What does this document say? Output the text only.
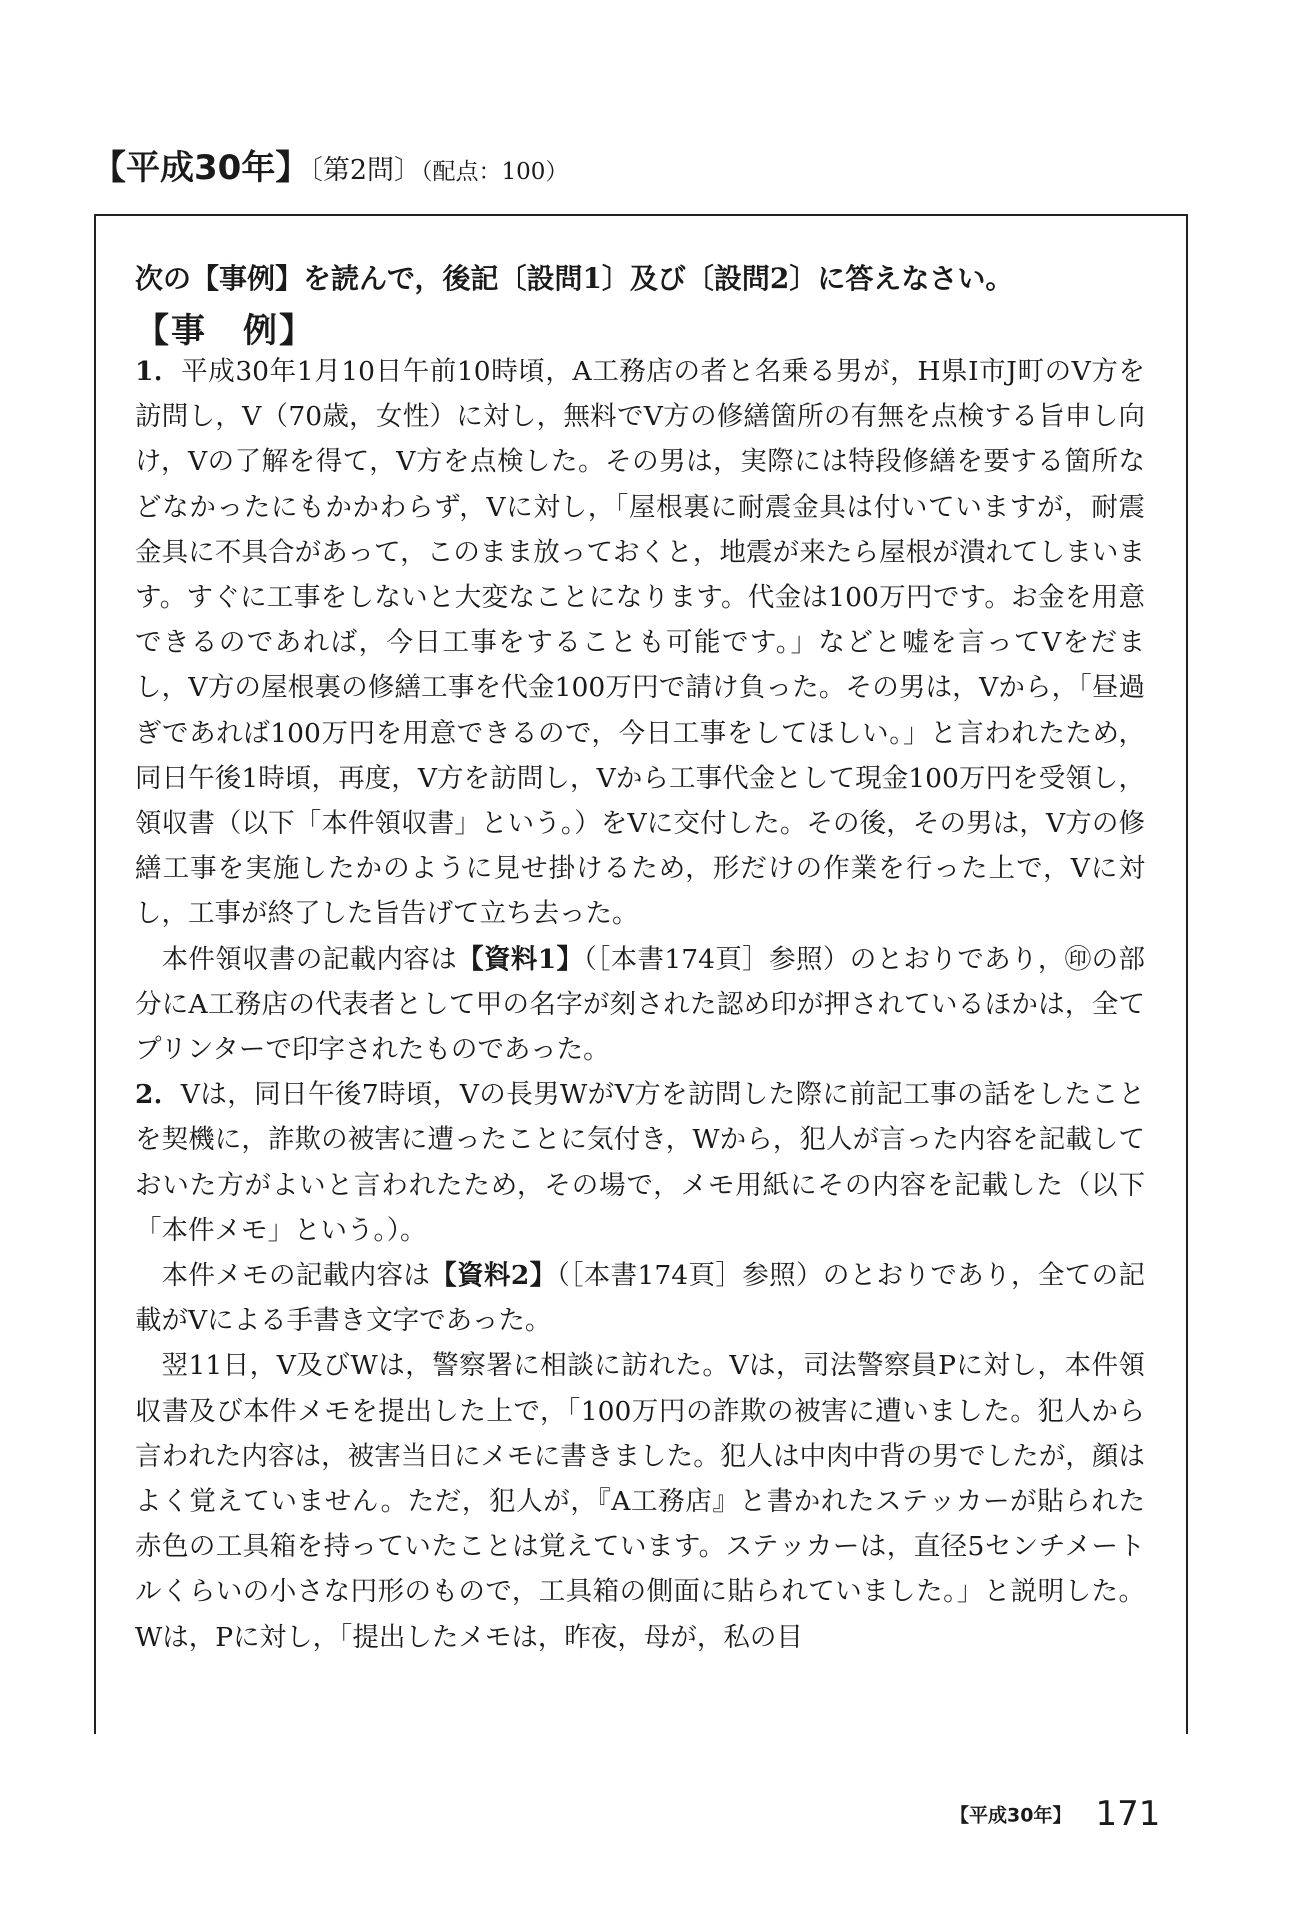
【平成30年】〔第2問〕（配点：100）
次の【事例】を読んで，後記〔設問1〕及び〔設問2〕に答えなさい。
【事　例】

1．平成30年1月10日午前10時頃，A工務店の者と名乗る男が，H県I市J町のV方を訪問し，V（70歳，女性）に対し，無料でV方の修繕箇所の有無を点検する旨申し向け，Vの了解を得て，V方を点検した。その男は，実際には特段修繕を要する箇所などなかったにもかかわらず，Vに対し，「屋根裏に耐震金具は付いていますが，耐震金具に不具合があって，このまま放っておくと，地震が来たら屋根が潰れてしまいます。すぐに工事をしないと大変なことになります。代金は100万円です。お金を用意できるのであれば，今日工事をすることも可能です。」などと嘘を言ってVをだまし，V方の屋根裏の修繕工事を代金100万円で請け負った。その男は，Vから，「昼過ぎであれば100万円を用意できるので，今日工事をしてほしい。」と言われたため，同日午後1時頃，再度，V方を訪問し，Vから工事代金として現金100万円を受領し，領収書（以下「本件領収書」という。）をVに交付した。その後，その男は，V方の修繕工事を実施したかのように見せ掛けるため，形だけの作業を行った上で，Vに対し，工事が終了した旨告げて立ち去った。

本件領収書の記載内容は【資料1】（［本書174頁］参照）のとおりであり，㊞の部分にA工務店の代表者として甲の名字が刻された認め印が押されているほかは，全てプリンターで印字されたものであった。

2．Vは，同日午後7時頃，Vの長男WがV方を訪問した際に前記工事の話をしたことを契機に，詐欺の被害に遭ったことに気付き，Wから，犯人が言った内容を記載しておいた方がよいと言われたため，その場で，メモ用紙にその内容を記載した（以下「本件メモ」という。）。

本件メモの記載内容は【資料2】（［本書174頁］参照）のとおりであり，全ての記載がVによる手書き文字であった。

翌11日，V及びWは，警察署に相談に訪れた。Vは，司法警察員Pに対し，本件領収書及び本件メモを提出した上で，「100万円の詐欺の被害に遭いました。犯人から言われた内容は，被害当日にメモに書きました。犯人は中肉中背の男でしたが，顔はよく覚えていません。ただ，犯人が，『A工務店』と書かれたステッカーが貼られた赤色の工具箱を持っていたことは覚えています。ステッカーは，直径5センチメートルくらいの小さな円形のもので，工具箱の側面に貼られていました。」と説明した。Wは，Pに対し，「提出したメモは，昨夜，母が，私の目

【平成30年】 171
